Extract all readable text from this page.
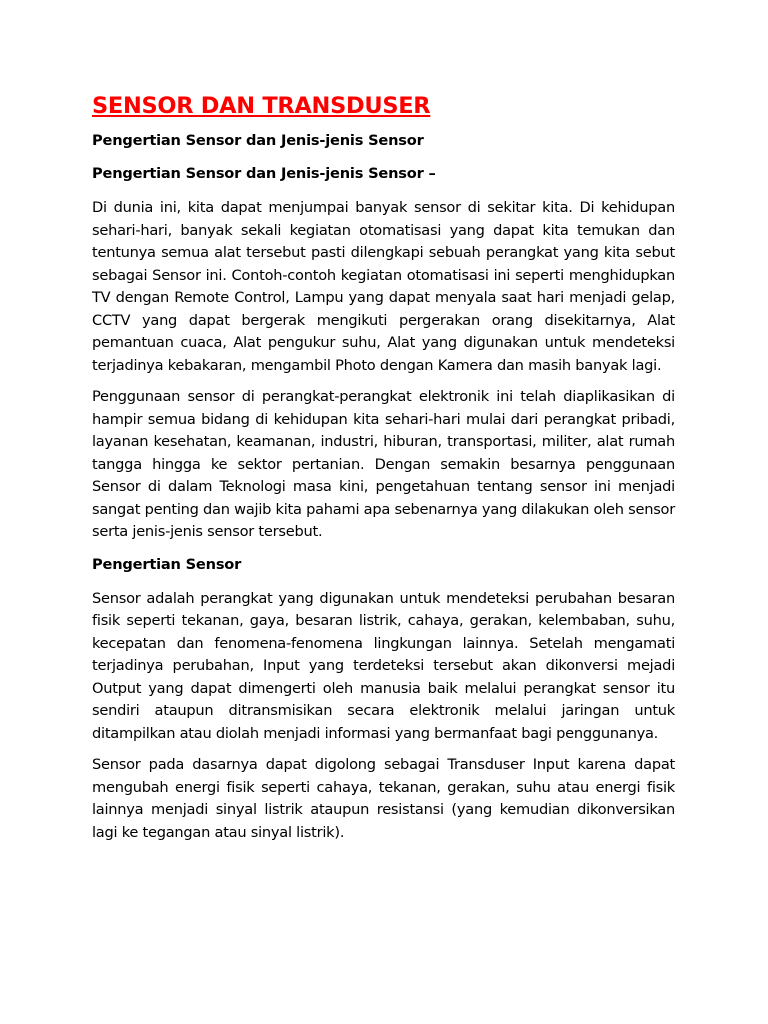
SENSOR DAN TRANSDUSER
Pengertian Sensor dan Jenis-jenis Sensor
Pengertian Sensor dan Jenis-jenis Sensor –

Di dunia ini, kita dapat menjumpai banyak sensor di sekitar kita. Di kehidupan sehari-hari, banyak sekali kegiatan otomatisasi yang dapat kita temukan dan tentunya semua alat tersebut pasti dilengkapi sebuah perangkat yang kita sebut sebagai Sensor ini. Contoh-contoh kegiatan otomatisasi ini seperti menghidupkan TV dengan Remote Control, Lampu yang dapat menyala saat hari menjadi gelap, CCTV yang dapat bergerak mengikuti pergerakan orang disekitarnya, Alat pemantuan cuaca, Alat pengukur suhu, Alat yang digunakan untuk mendeteksi terjadinya kebakaran, mengambil Photo dengan Kamera dan masih banyak lagi.

Penggunaan sensor di perangkat-perangkat elektronik ini telah diaplikasikan di hampir semua bidang di kehidupan kita sehari-hari mulai dari perangkat pribadi, layanan kesehatan, keamanan, industri, hiburan, transportasi, militer, alat rumah tangga hingga ke sektor pertanian. Dengan semakin besarnya penggunaan Sensor di dalam Teknologi masa kini, pengetahuan tentang sensor ini menjadi sangat penting dan wajib kita pahami apa sebenarnya yang dilakukan oleh sensor serta jenis-jenis sensor tersebut.

Pengertian Sensor

Sensor adalah perangkat yang digunakan untuk mendeteksi perubahan besaran fisik seperti tekanan, gaya, besaran listrik, cahaya, gerakan, kelembaban, suhu, kecepatan dan fenomena-fenomena lingkungan lainnya. Setelah mengamati terjadinya perubahan, Input yang terdeteksi tersebut akan dikonversi mejadi Output yang dapat dimengerti oleh manusia baik melalui perangkat sensor itu sendiri ataupun ditransmisikan secara elektronik melalui jaringan untuk ditampilkan atau diolah menjadi informasi yang bermanfaat bagi penggunanya.

Sensor pada dasarnya dapat digolong sebagai Transduser Input karena dapat mengubah energi fisik seperti cahaya, tekanan, gerakan, suhu atau energi fisik lainnya menjadi sinyal listrik ataupun resistansi (yang kemudian dikonversikan lagi ke tegangan atau sinyal listrik).
